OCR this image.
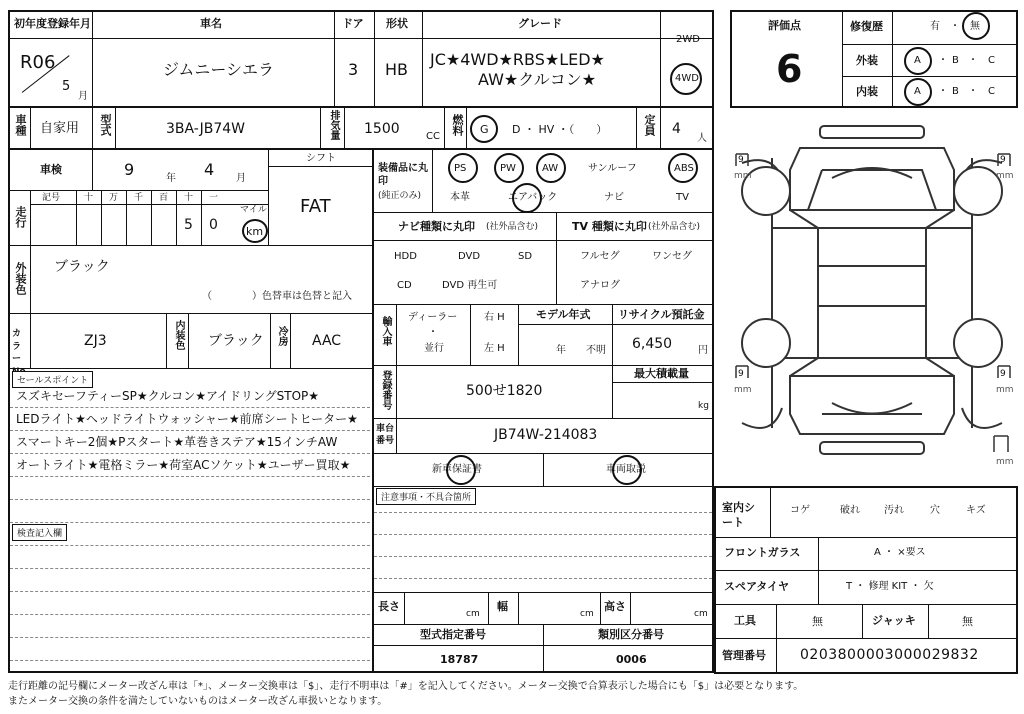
初年度登録年月
R06
5
月
車名
ジムニーシエラ
ドア
3
形状
HB
グレード
JC★4WD★RBS★LED★
AW★クルコン★
2WD
4WD
車種 自家用 型式	3BA-JB74W	排気量 1500	CC
燃料 G D ・ HV ・（　　）	定員 4
人
車検	9	年 4 月
シフト
FAT
走行
記号	十 万 千 百 十
5
一
0
マイル
km
外装色 ブラック
（　　　　）色替車は色替と記入
カラー
ZJ3	内装色 ブラック 冷房 AAC
セールスポイント
スズキセーフティーSP★クルコン★アイドリングSTOP★
LEDライト★ヘッドライトウォッシャー★前席シートヒーター★
スマートキー2個★Pスタート★革巻きステア★15インチAW
オートライト★電格ミラー★荷室ACソケット★ユーザー買取★
検査記入欄
装備品に丸印
(純正のみ)
PS	PW	AW	サンルーフ	ABS
本革	エアバック	ナビ	TV
ナビ種類に丸印 (社外品含む)	TV 種類に丸印 (社外品含む)
HDD	DVD	SD
CD	DVD 再生可
フルセグ	ワンセグ
アナログ
輸入車 ディーラー
・
並行
右 H
左 H
モデル年式
年 不明
リサイクル預託金
6,450	円
登録番号	500せ1820
最大積載量
kg
車台番号	JB74W-214083
新車保証書	車両取説
注意事項・不具合箇所
長さ
cm
幅
cm
高さ
cm
型式指定番号
18787
類別区分番号
0006
評価点
6
修復歴	有 ・ 無
外装	A ・ B ・ C
内装	A ・ B ・ C
9
mm
9
mm
9
mm
9
mm
mm
室内シート
コゲ	破れ 汚れ	穴	キズ
フロントガラス	A ・ ×要ス
スペアタイヤ	T ・ 修理 KIT ・ 欠
工具	無	ジャッキ	無
管理番号 0203800003000029832
走行距離の記号欄にメーター改ざん車は「*」、メーター交換車は「$」、走行不明車は「#」を記入してください。メーター交換で合算表示した場合にも「$」は必要となります。
またメーター交換の条件を満たしていないものはメーター改ざん車扱いとなります。
